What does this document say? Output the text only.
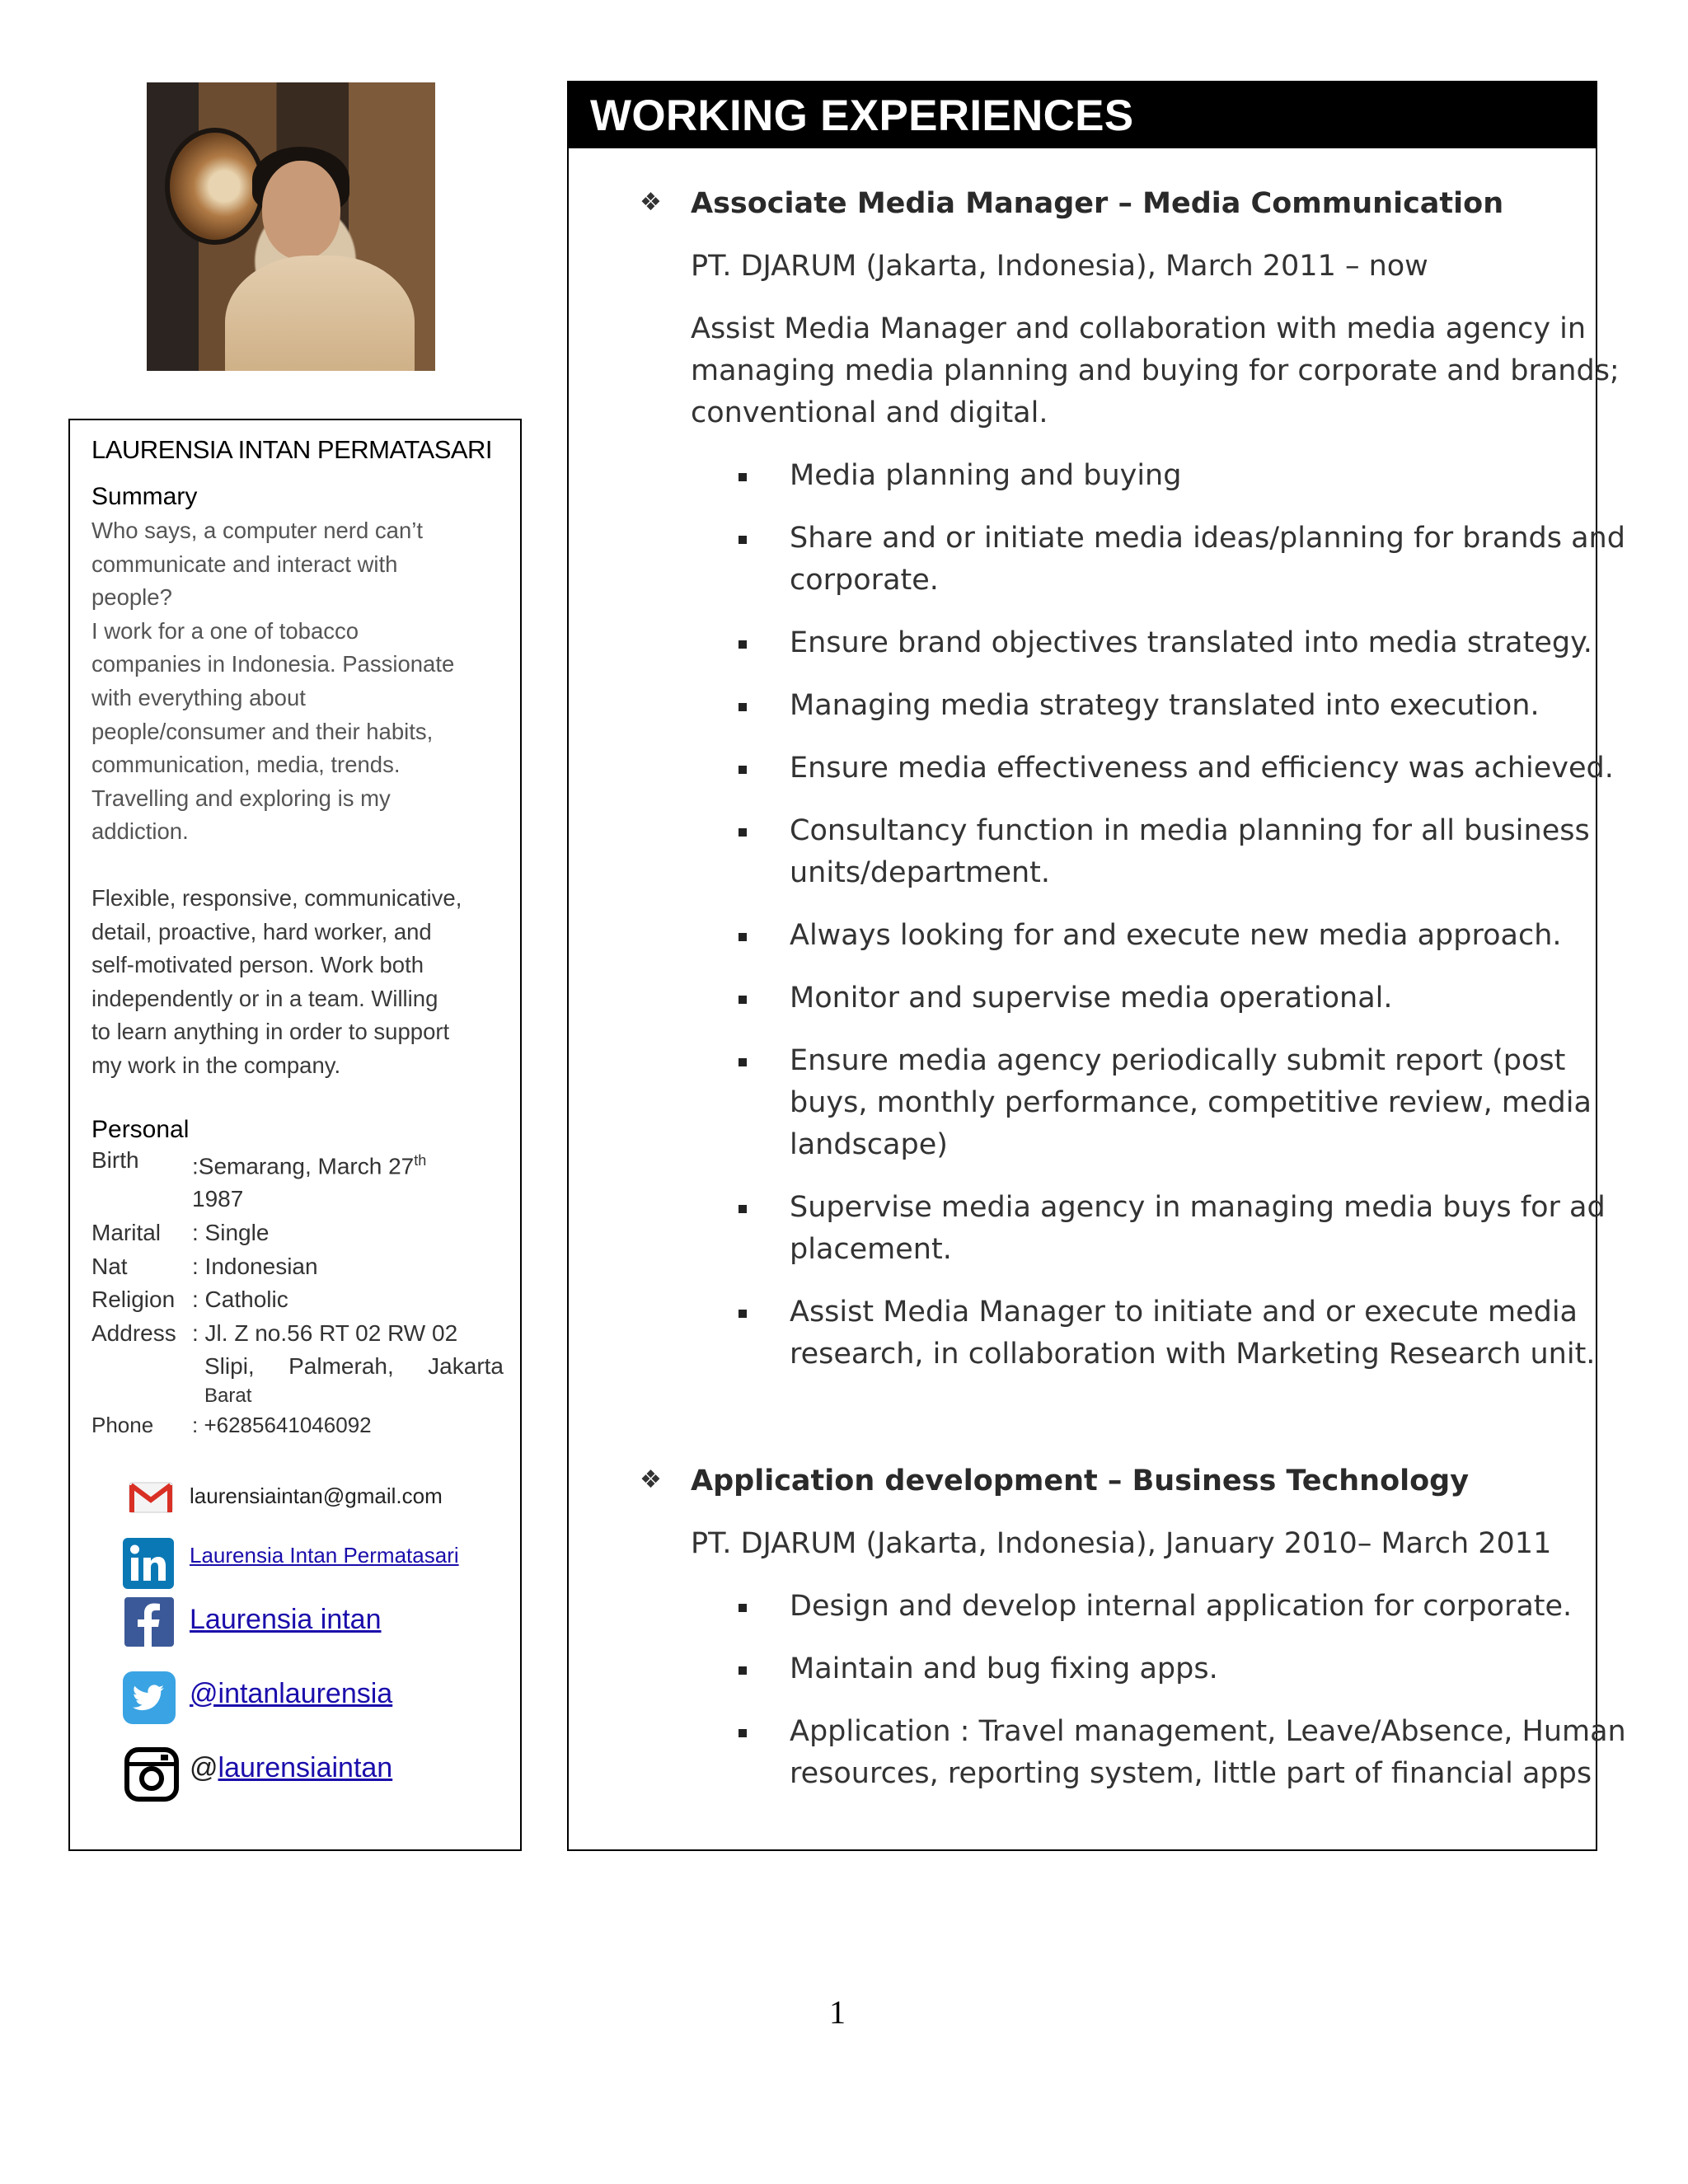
LAURENSIA INTAN PERMATASARI
Summary
Who says, a computer nerd can’t
communicate and interact with
people?
I work for a one of tobacco
companies in Indonesia. Passionate
with everything about
people/consumer and their habits,
communication, media, trends.
Travelling and exploring is my
addiction.
Flexible, responsive, communicative,
detail, proactive, hard worker, and
self-motivated person. Work both
independently or in a team. Willing
to learn anything in order to support
my work in the company.
Personal
Birth	:Semarang, March 27th
1987
Marital	: Single
Nat	: Indonesian
Religion : Catholic
Address : Jl. Z no.56 RT 02 RW 02
Slipi, Palmerah, Jakarta
Barat
Phone	: +6285641046092
laurensiaintan@gmail.com
Laurensia Intan Permatasari
Laurensia intan
@intanlaurensia
@laurensiaintan
WORKING EXPERIENCES
❖ Associate Media Manager – Media Communication
PT. DJARUM (Jakarta, Indonesia), March 2011 – now
Assist Media Manager and collaboration with media agency in
managing media planning and buying for corporate and brands;
conventional and digital.
Media planning and buying
Share and or initiate media ideas/planning for brands and
corporate.
Ensure brand objectives translated into media strategy.
Managing media strategy translated into execution.
Ensure media effectiveness and efficiency was achieved.
Consultancy function in media planning for all business
units/department.
Always looking for and execute new media approach.
Monitor and supervise media operational.
Ensure media agency periodically submit report (post
buys, monthly performance, competitive review, media
landscape)
Supervise media agency in managing media buys for ad
placement.
Assist Media Manager to initiate and or execute media
research, in collaboration with Marketing Research unit.
❖ Application development – Business Technology
PT. DJARUM (Jakarta, Indonesia), January 2010– March 2011
Design and develop internal application for corporate.
Maintain and bug fixing apps.
Application : Travel management, Leave/Absence, Human
resources, reporting system, little part of financial apps
1
